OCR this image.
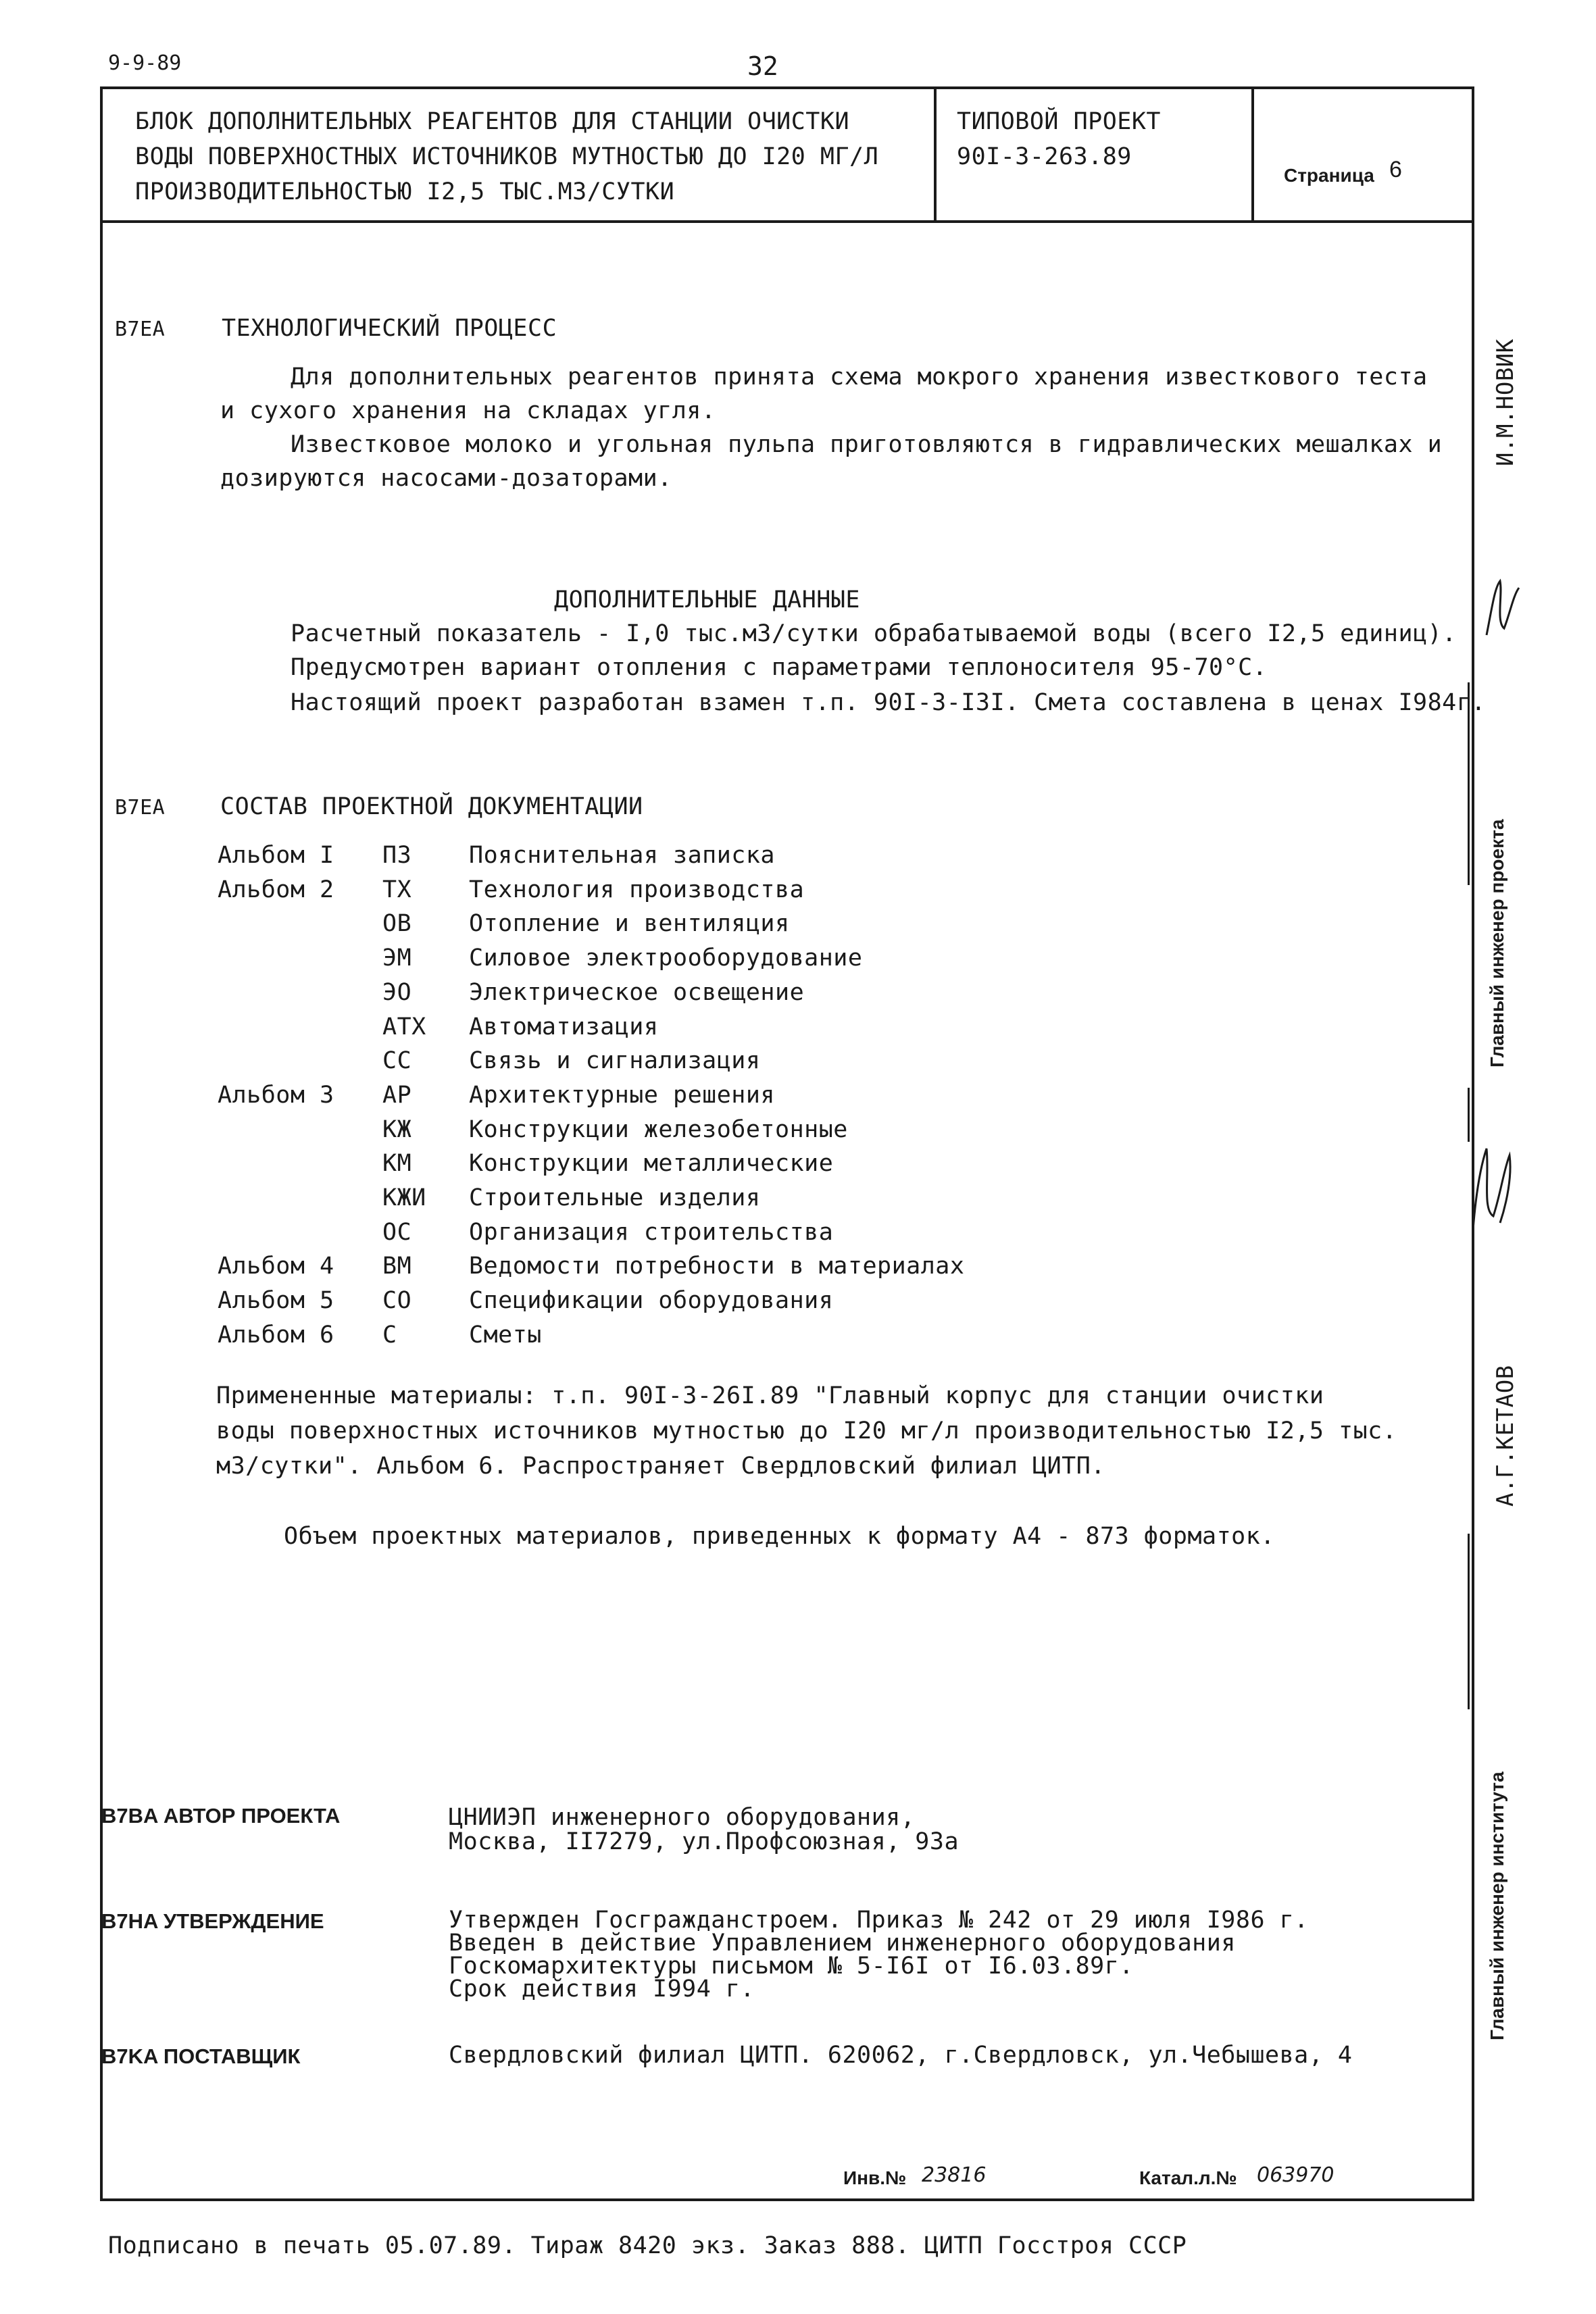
9-9-89	32
БЛОК ДОПОЛНИТЕЛЬНЫХ РЕАГЕНТОВ ДЛЯ СТАНЦИИ ОЧИСТКИ
ВОДЫ ПОВЕРХНОСТНЫХ ИСТОЧНИКОВ МУТНОСТЬЮ ДО I20 МГ/Л
ПРОИЗВОДИТЕЛЬНОСТЬЮ I2,5 ТЫС.М3/СУТКИ
ТИПОВОЙ ПРОЕКТ
90I-3-263.89
Страница 6
И.М.НОВИК
Главный инженер проекта
А.Г.КЕТАОВ
Главный инженер института
B7EA ТЕХНОЛОГИЧЕСКИЙ ПРОЦЕСС
Для дополнительных реагентов принята схема мокрого хранения известкового теста
и сухого хранения на складах угля.
Известковое молоко и угольная пульпа приготовляются в гидравлических мешалках и
дозируются насосами-дозаторами.
ДОПОЛНИТЕЛЬНЫЕ ДАННЫЕ
Расчетный показатель - I,0 тыс.м3/сутки обрабатываемой воды (всего I2,5 единиц).
Предусмотрен вариант отопления с параметрами теплоносителя 95-70°С.
Настоящий проект разработан взамен т.п. 90I-3-I3I. Смета составлена в ценах I984г.
B7EA СОСТАВ ПРОЕКТНОЙ ДОКУМЕНТАЦИИ
Альбом I ПЗ Пояснительная записка
Альбом 2 ТХ Технология производства
ОВ Отопление и вентиляция
ЭМ Силовое электрооборудование
ЭО Электрическое освещение
АТХ Автоматизация
СС Связь и сигнализация
Альбом 3 АР Архитектурные решения
КЖ Конструкции железобетонные
КМ Конструкции металлические
КЖИ Строительные изделия
ОС Организация строительства
Альбом 4 ВМ Ведомости потребности в материалах
Альбом 5 СО Спецификации оборудования
Альбом 6 С	Сметы
Примененные материалы: т.п. 90I-3-26I.89 "Главный корпус для станции очистки
воды поверхностных источников мутностью до I20 мг/л производительностью I2,5 тыс.
м3/сутки". Альбом 6. Распространяет Свердловский филиал ЦИТП.
Объем проектных материалов, приведенных к формату А4 - 873 форматок.
B7BA АВТОР ПРОЕКТА	ЦНИИЭП инженерного оборудования,
Москва, II7279, ул.Профсоюзная, 93а
B7HA УТВЕРЖДЕНИЕ	Утвержден Госгражданстроем. Приказ № 242 от 29 июля I986 г.
Введен в действие Управлением инженерного оборудования
Госкомархитектуры письмом № 5-I6I от I6.03.89г.
Срок действия I994 г.
B7KA ПОСТАВЩИК	Свердловский филиал ЦИТП. 620062, г.Свердловск, ул.Чебышева, 4
Инв.№ 23816	Катал.л.№ 063970
Подписано в печать 05.07.89. Тираж 8420 экз. Заказ 888. ЦИТП Госстроя СССР
